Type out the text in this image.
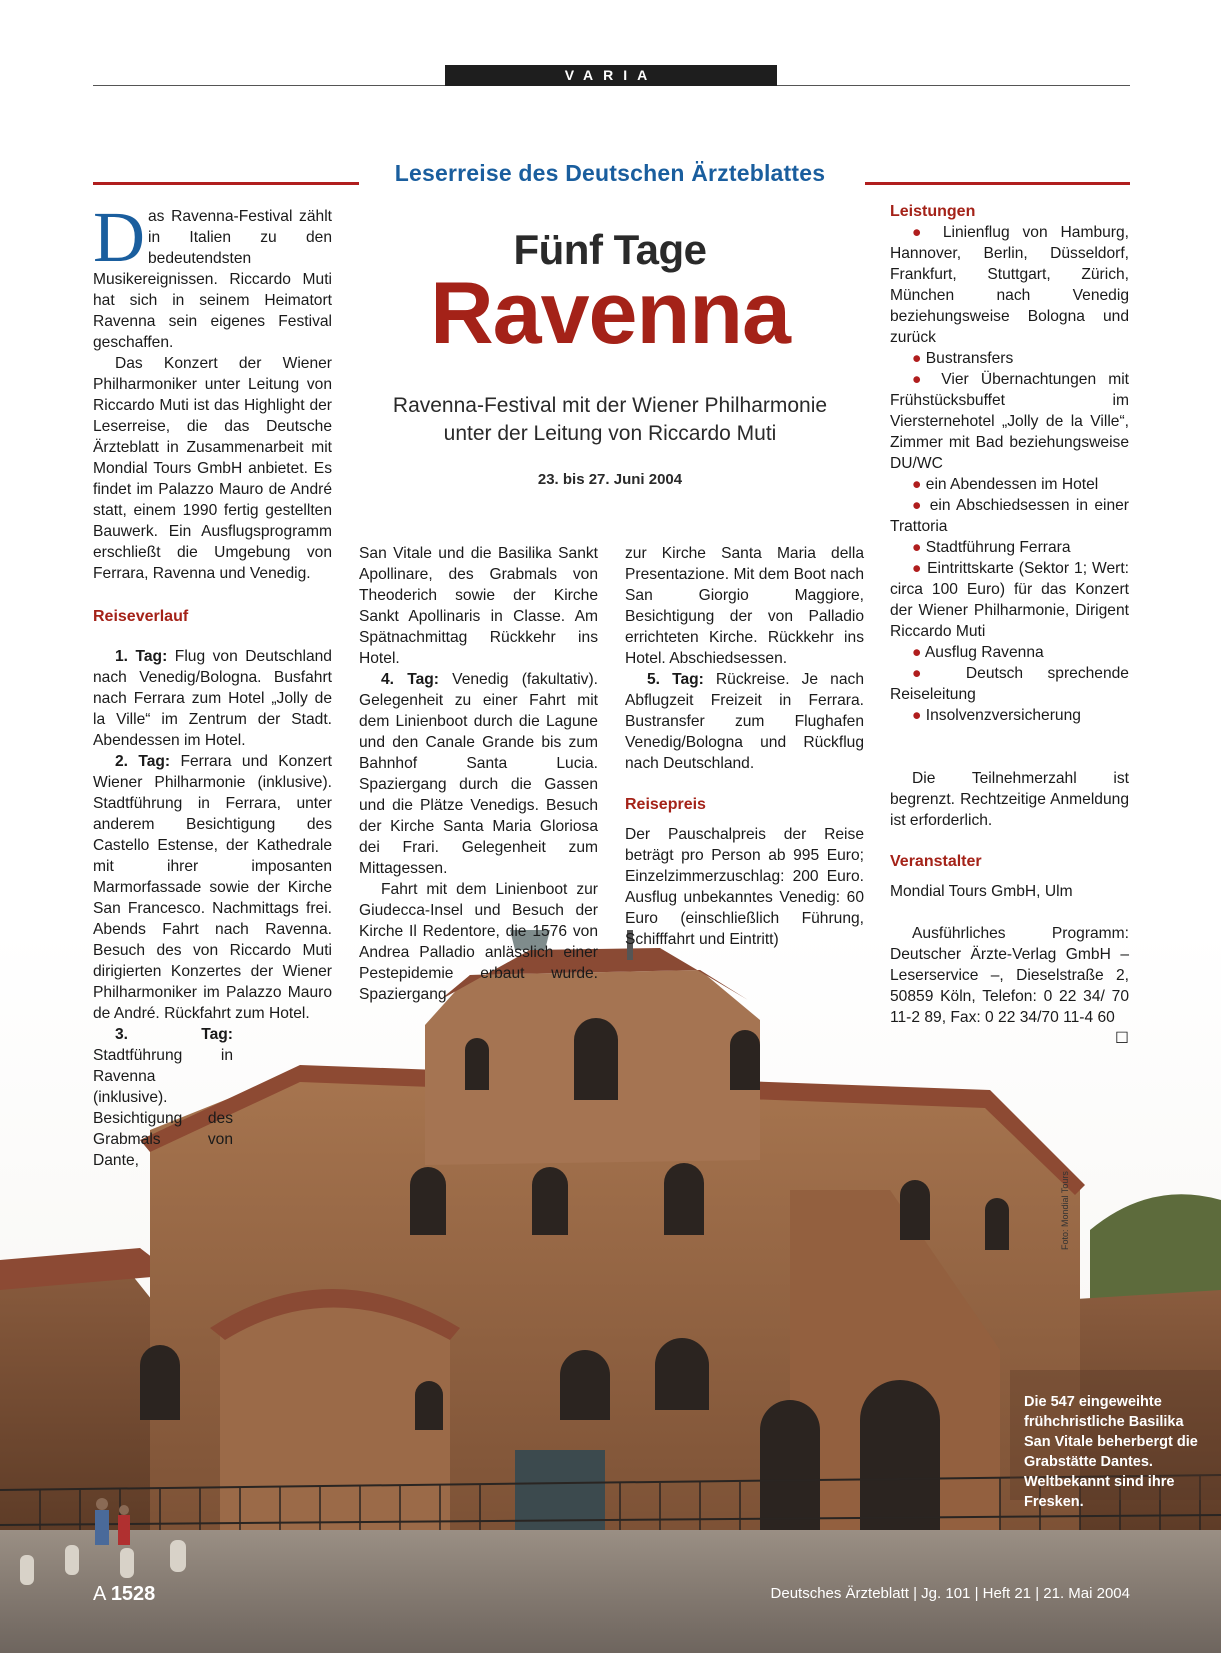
VARIA
Leserreise des Deutschen Ärzteblattes
Fünf Tage
Ravenna
Ravenna-Festival mit der Wiener Philharmonie
unter der Leitung von Riccardo Muti
23. bis 27. Juni 2004
Foto: Mondial Tours
Die 547 eingeweihte frühchristliche Basilika San Vitale beherbergt die Grabstätte Dantes. Weltbekannt sind ihre Fresken.

Das Ravenna-Festival zählt in Italien zu den bedeutendsten Musikereignissen. Riccardo Muti hat sich in seinem Heimatort Ravenna sein eigenes Festival geschaffen.

Das Konzert der Wiener Philharmoniker unter Leitung von Riccardo Muti ist das Highlight der Leserreise, die das Deutsche Ärzteblatt in Zusammenarbeit mit Mondial Tours GmbH anbietet. Es findet im Palazzo Mauro de André statt, einem 1990 fertig gestellten Bauwerk. Ein Ausflugsprogramm erschließt die Umgebung von Ferrara, Ravenna und Venedig.

Reiseverlauf

1. Tag: Flug von Deutschland nach Venedig/Bologna. Busfahrt nach Ferrara zum Hotel „Jolly de la Ville“ im Zentrum der Stadt. Abendessen im Hotel.

2. Tag: Ferrara und Konzert Wiener Philharmonie (inklusive). Stadtführung in Ferrara, unter anderem Besichtigung des Castello Estense, der Kathedrale mit ihrer imposanten Marmorfassade sowie der Kirche San Francesco. Nachmittags frei. Abends Fahrt nach Ravenna. Besuch des von Riccardo Muti dirigierten Konzertes der Wiener Philharmoniker im Palazzo Mauro de André. Rückfahrt zum Hotel.

3. Tag: Stadtführung in Ravenna (inklusive). Besichtigung des Grabmals von Dante,

San Vitale und die Basilika Sankt Apollinare, des Grabmals von Theoderich sowie der Kirche Sankt Apollinaris in Classe. Am Spätnachmittag Rückkehr ins Hotel.

4. Tag: Venedig (fakultativ). Gelegenheit zu einer Fahrt mit dem Linienboot durch die Lagune und den Canale Grande bis zum Bahnhof Santa Lucia. Spaziergang durch die Gassen und die Plätze Venedigs. Besuch der Kirche Santa Maria Gloriosa dei Frari. Gelegenheit zum Mittagessen.

Fahrt mit dem Linienboot zur Giudecca-Insel und Besuch der Kirche Il Redentore, die 1576 von Andrea Palladio anlässlich einer Pestepidemie erbaut wurde. Spaziergang

zur Kirche Santa Maria della Presentazione. Mit dem Boot nach San Giorgio Maggiore, Besichtigung der von Palladio errichteten Kirche. Rückkehr ins Hotel. Abschiedsessen.

5. Tag: Rückreise. Je nach Abflugzeit Freizeit in Ferrara. Bustransfer zum Flughafen Venedig/Bologna und Rückflug nach Deutschland.

Reisepreis

Der Pauschalpreis der Reise beträgt pro Person ab 995 Euro; Einzelzimmerzuschlag: 200 Euro. Ausflug unbekanntes Venedig: 60 Euro (einschließlich Führung, Schifffahrt und Eintritt)

Leistungen

● Linienflug von Hamburg, Hannover, Berlin, Düsseldorf, Frankfurt, Stuttgart, Zürich, München nach Venedig beziehungsweise Bologna und zurück

● Bustransfers

● Vier Übernachtungen mit Frühstücksbuffet im Viersternehotel „Jolly de la Ville“, Zimmer mit Bad beziehungsweise DU/WC

● ein Abendessen im Hotel

● ein Abschiedsessen in einer Trattoria

● Stadtführung Ferrara

● Eintrittskarte (Sektor 1; Wert: circa 100 Euro) für das Konzert der Wiener Philharmonie, Dirigent Riccardo Muti

● Ausflug Ravenna

● Deutsch sprechende Reiseleitung

● Insolvenzversicherung

Die Teilnehmerzahl ist begrenzt. Rechtzeitige Anmeldung ist erforderlich.

Veranstalter

Mondial Tours GmbH, Ulm

Ausführliches Programm: Deutscher Ärzte-Verlag GmbH – Leserservice –, Dieselstraße 2, 50859 Köln, Telefon: 0 22 34/ 70 11-2 89, Fax: 0 22 34/70 11-4 60
☐

A 1528	Deutsches Ärzteblatt | Jg. 101 | Heft 21 | 21. Mai 2004
